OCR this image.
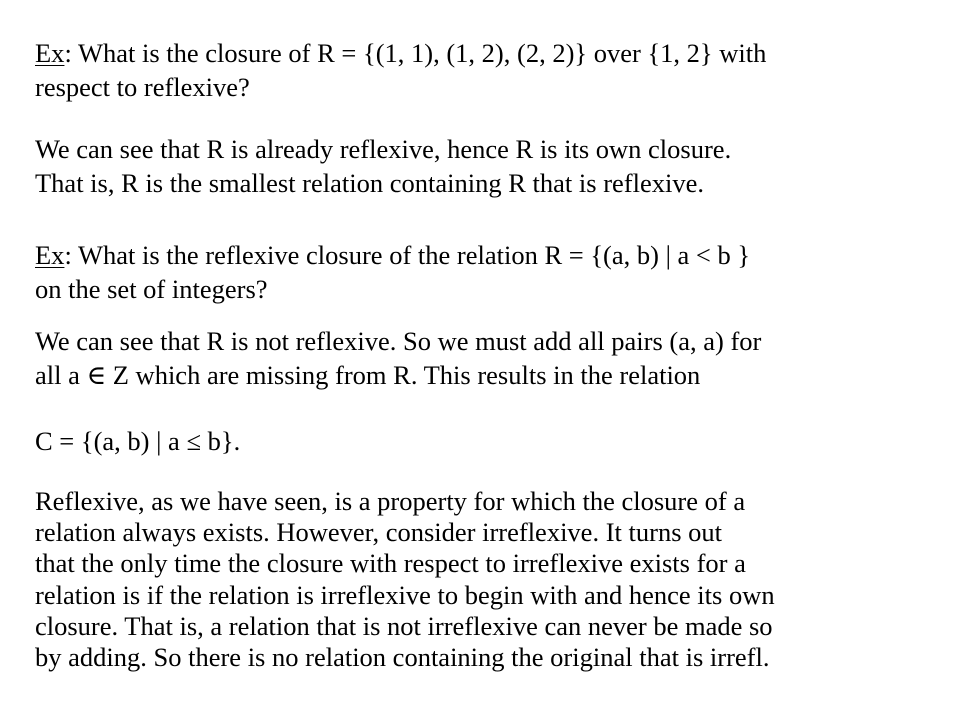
Ex: What is the closure of R = {(1, 1), (1, 2), (2, 2)} over {1, 2} with
respect to reflexive?
We can see that R is already reflexive, hence R is its own closure.
That is, R is the smallest relation containing R that is reflexive.
Ex: What is the reflexive closure of the relation R = {(a, b) | a < b }
on the set of integers?
We can see that R is not reflexive. So we must add all pairs (a, a) for
all a ∈ Z which are missing from R. This results in the relation
C = {(a, b) | a ≤ b}.
Reflexive, as we have seen, is a property for which the closure of a
relation always exists. However, consider irreflexive. It turns out
that the only time the closure with respect to irreflexive exists for a
relation is if the relation is irreflexive to begin with and hence its own
closure. That is, a relation that is not irreflexive can never be made so
by adding. So there is no relation containing the original that is irrefl.
